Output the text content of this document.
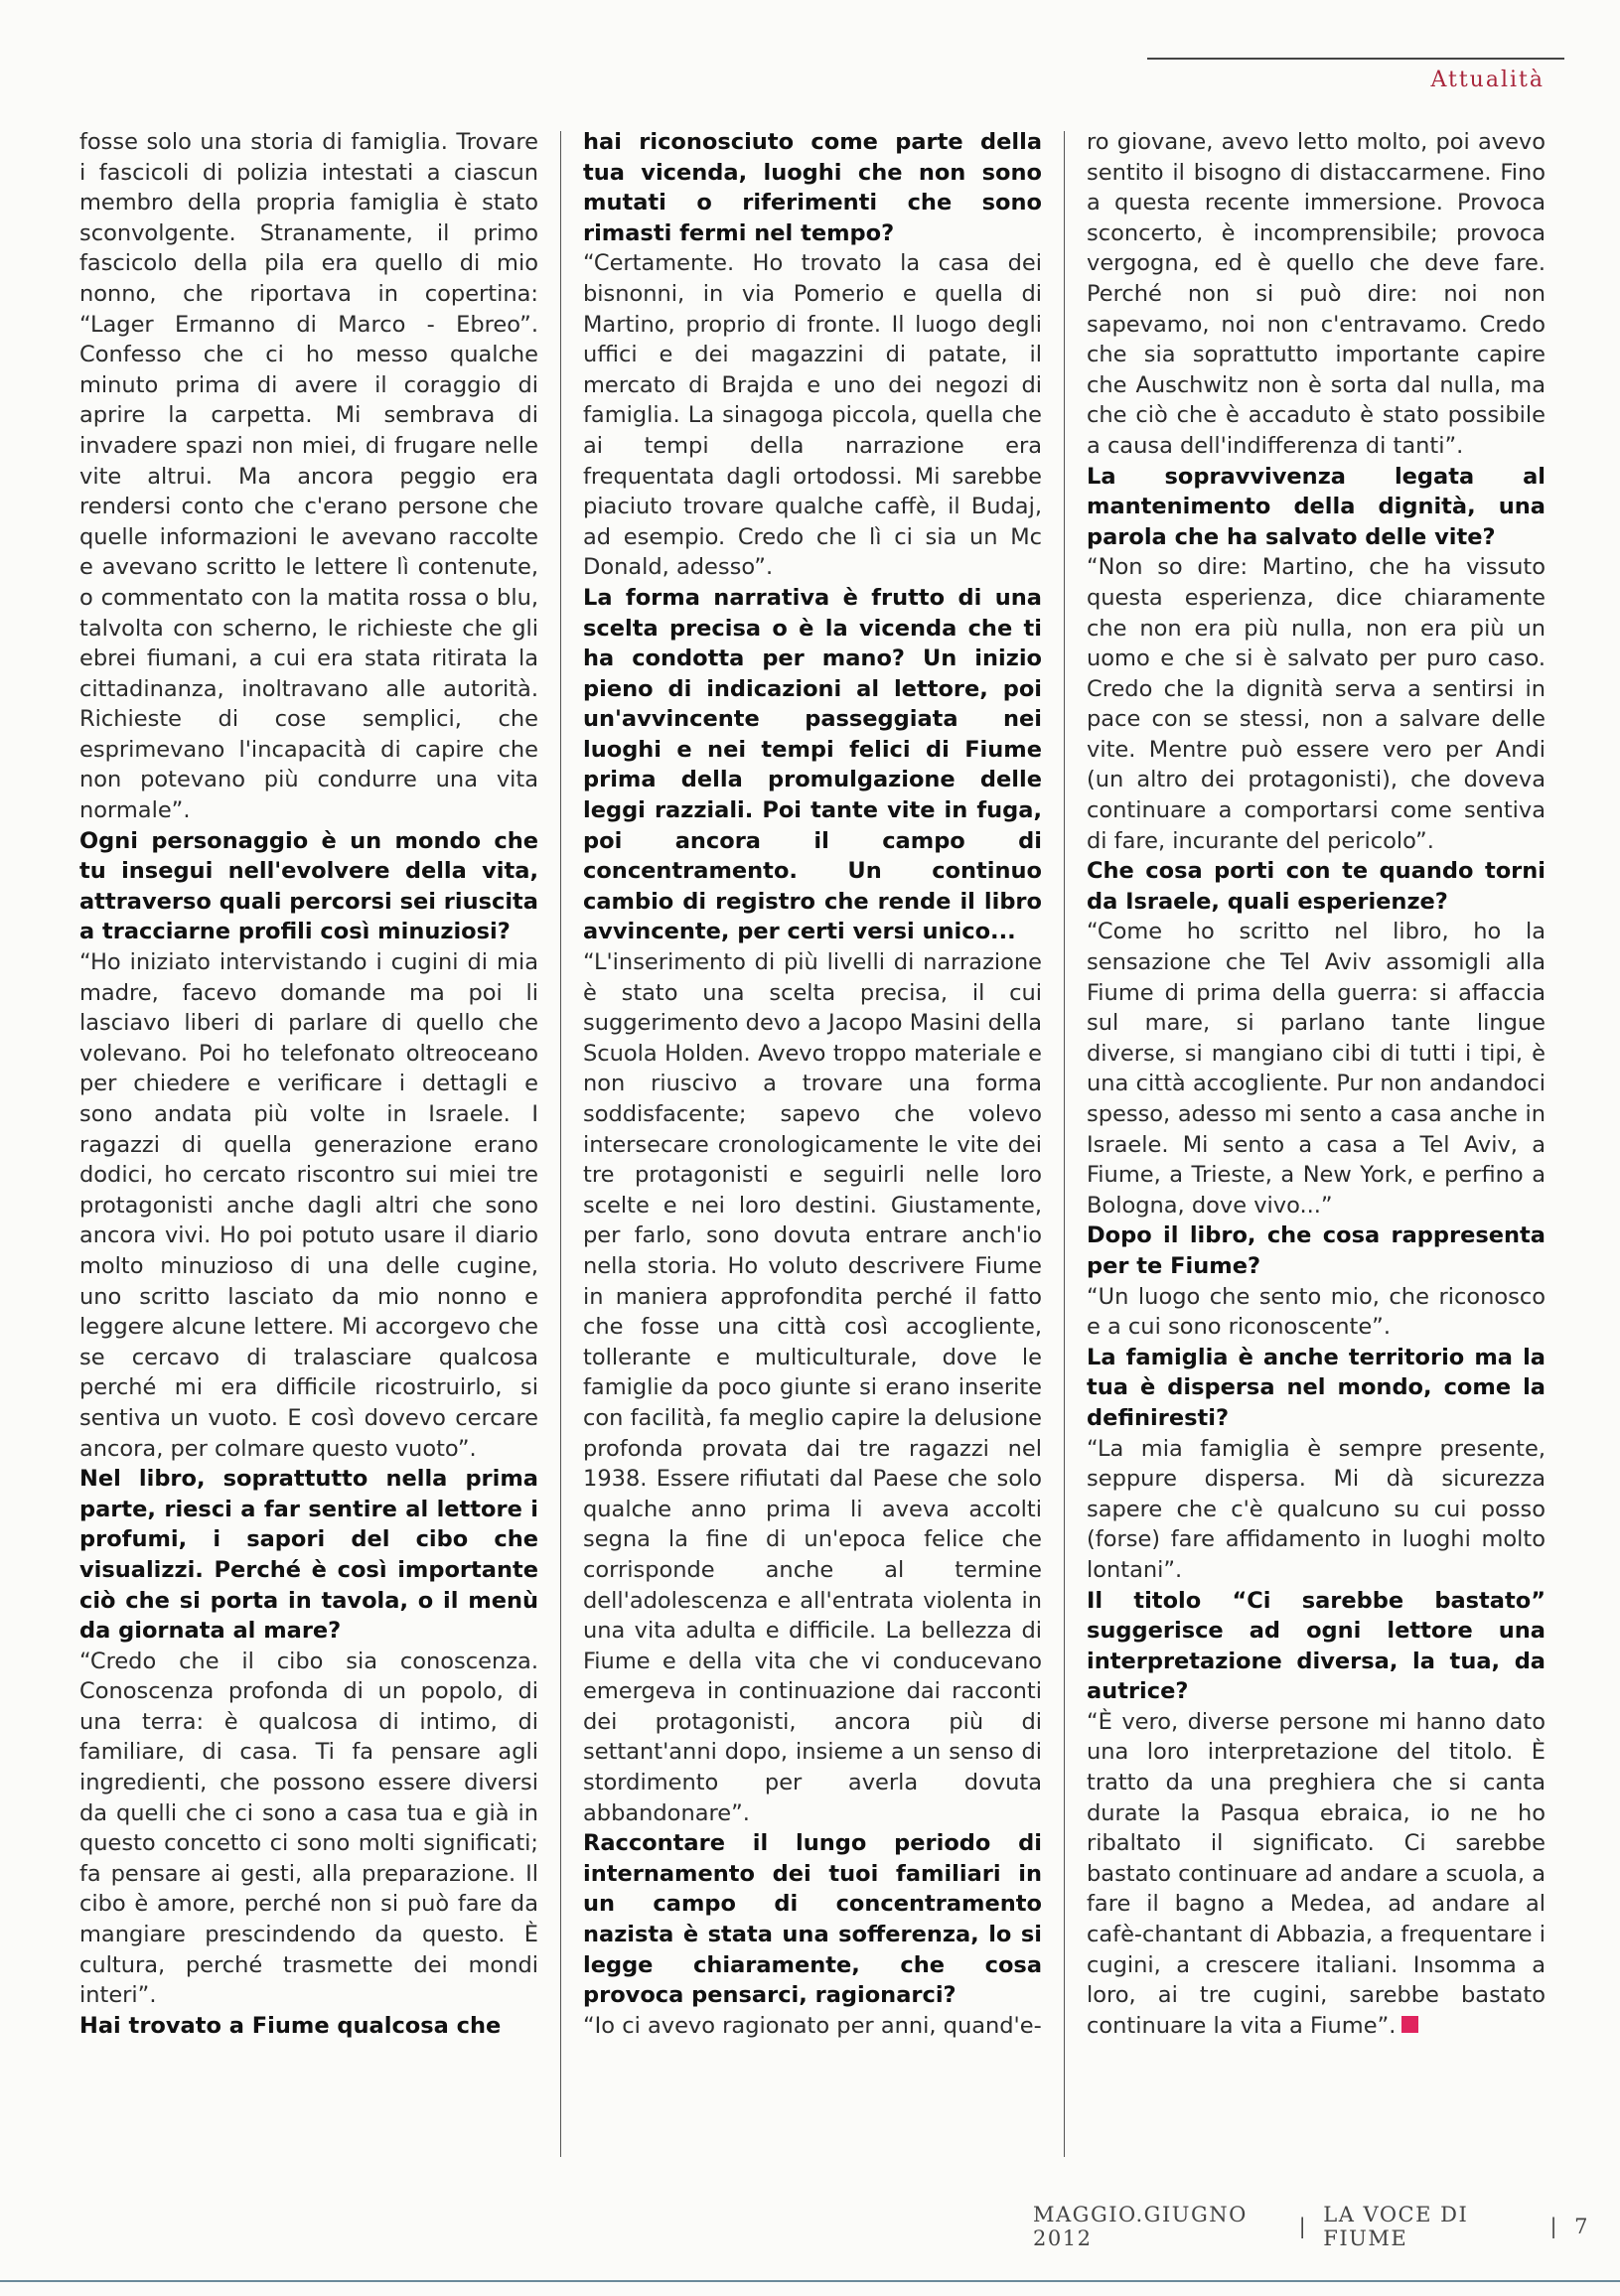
Attualità

fosse solo una storia di famiglia. Trovare i fascicoli di polizia intestati a ciascun membro della propria famiglia è stato sconvolgente. Stranamente, il primo fascicolo della pila era quello di mio nonno, che riportava in copertina: “Lager Ermanno di Marco - Ebreo”. Confesso che ci ho messo qualche minuto prima di avere il coraggio di aprire la carpetta. Mi sembrava di invadere spazi non miei, di frugare nelle vite altrui. Ma ancora peggio era rendersi conto che c'erano persone che quelle informazioni le avevano raccolte e avevano scritto le lettere lì contenute, o commentato con la matita rossa o blu, talvolta con scherno, le richieste che gli ebrei fiumani, a cui era stata ritirata la cittadinanza, inoltravano alle autorità. Richieste di cose semplici, che esprimevano l'incapacità di capire che non potevano più condurre una vita normale”.

Ogni personaggio è un mondo che tu insegui nell'evolvere della vita, attraverso quali percorsi sei riuscita a tracciarne profili così minuziosi?

“Ho iniziato intervistando i cugini di mia madre, facevo domande ma poi li lasciavo liberi di parlare di quello che volevano. Poi ho telefonato oltreoceano per chiedere e verificare i dettagli e sono andata più volte in Israele. I ragazzi di quella generazione erano dodici, ho cercato riscontro sui miei tre protagonisti anche dagli altri che sono ancora vivi. Ho poi potuto usare il diario molto minuzioso di una delle cugine, uno scritto lasciato da mio nonno e leggere alcune lettere. Mi accorgevo che se cercavo di tralasciare qualcosa perché mi era difficile ricostruirlo, si sentiva un vuoto. E così dovevo cercare ancora, per colmare questo vuoto”.

Nel libro, soprattutto nella prima parte, riesci a far sentire al lettore i profumi, i sapori del cibo che visualizzi. Perché è così importante ciò che si porta in tavola, o il menù da giornata al mare?

“Credo che il cibo sia conoscenza. Conoscenza profonda di un popolo, di una terra: è qualcosa di intimo, di familiare, di casa. Ti fa pensare agli ingredienti, che possono essere diversi da quelli che ci sono a casa tua e già in questo concetto ci sono molti significati; fa pensare ai gesti, alla preparazione. Il cibo è amore, perché non si può fare da mangiare prescindendo da questo. È cultura, perché trasmette dei mondi interi”.

Hai trovato a Fiume qualcosa che

hai riconosciuto come parte della tua vicenda, luoghi che non sono mutati o riferimenti che sono rimasti fermi nel tempo?

“Certamente. Ho trovato la casa dei bisnonni, in via Pomerio e quella di Martino, proprio di fronte. Il luogo degli uffici e dei magazzini di patate, il mercato di Brajda e uno dei negozi di famiglia. La sinagoga piccola, quella che ai tempi della narrazione era frequentata dagli ortodossi. Mi sarebbe piaciuto trovare qualche caffè, il Budaj, ad esempio. Credo che lì ci sia un Mc Donald, adesso”.

La forma narrativa è frutto di una scelta precisa o è la vicenda che ti ha condotta per mano? Un inizio pieno di indicazioni al lettore, poi un'avvincente passeggiata nei luoghi e nei tempi felici di Fiume prima della promulgazione delle leggi razziali. Poi tante vite in fuga, poi ancora il campo di concentramento. Un continuo cambio di registro che rende il libro avvincente, per certi versi unico...

“L'inserimento di più livelli di narrazione è stato una scelta precisa, il cui suggerimento devo a Jacopo Masini della Scuola Holden. Avevo troppo materiale e non riuscivo a trovare una forma soddisfacente; sapevo che volevo intersecare cronologicamente le vite dei tre protagonisti e seguirli nelle loro scelte e nei loro destini. Giustamente, per farlo, sono dovuta entrare anch'io nella storia. Ho voluto descrivere Fiume in maniera approfondita perché il fatto che fosse una città così accogliente, tollerante e multiculturale, dove le famiglie da poco giunte si erano inserite con facilità, fa meglio capire la delusione profonda provata dai tre ragazzi nel 1938. Essere rifiutati dal Paese che solo qualche anno prima li aveva accolti segna la fine di un'epoca felice che corrisponde anche al termine dell'adolescenza e all'entrata violenta in una vita adulta e difficile. La bellezza di Fiume e della vita che vi conducevano emergeva in continuazione dai racconti dei protagonisti, ancora più di settant'anni dopo, insieme a un senso di stordimento per averla dovuta abbandonare”.

Raccontare il lungo periodo di internamento dei tuoi familiari in un campo di concentramento nazista è stata una sofferenza, lo si legge chiaramente, che cosa provoca pensarci, ragionarci?

“Io ci avevo ragionato per anni, quand'e-

ro giovane, avevo letto molto, poi avevo sentito il bisogno di distaccarmene. Fino a questa recente immersione. Provoca sconcerto, è incomprensibile; provoca vergogna, ed è quello che deve fare. Perché non si può dire: noi non sapevamo, noi non c'entravamo. Credo che sia soprattutto importante capire che Auschwitz non è sorta dal nulla, ma che ciò che è accaduto è stato possibile a causa dell'indifferenza di tanti”.

La sopravvivenza legata al mantenimento della dignità, una parola che ha salvato delle vite?

“Non so dire: Martino, che ha vissuto questa esperienza, dice chiaramente che non era più nulla, non era più un uomo e che si è salvato per puro caso. Credo che la dignità serva a sentirsi in pace con se stessi, non a salvare delle vite. Mentre può essere vero per Andi (un altro dei protagonisti), che doveva continuare a comportarsi come sentiva di fare, incurante del pericolo”.

Che cosa porti con te quando torni da Israele, quali esperienze?

“Come ho scritto nel libro, ho la sensazione che Tel Aviv assomigli alla Fiume di prima della guerra: si affaccia sul mare, si parlano tante lingue diverse, si mangiano cibi di tutti i tipi, è una città accogliente. Pur non andandoci spesso, adesso mi sento a casa anche in Israele. Mi sento a casa a Tel Aviv, a Fiume, a Trieste, a New York, e perfino a Bologna, dove vivo...”

Dopo il libro, che cosa rappresenta per te Fiume?

“Un luogo che sento mio, che riconosco e a cui sono riconoscente”.

La famiglia è anche territorio ma la tua è dispersa nel mondo, come la definiresti?

“La mia famiglia è sempre presente, seppure dispersa. Mi dà sicurezza sapere che c'è qualcuno su cui posso (forse) fare affidamento in luoghi molto lontani”.

Il titolo “Ci sarebbe bastato” suggerisce ad ogni lettore una interpretazione diversa, la tua, da autrice?

“È vero, diverse persone mi hanno dato una loro interpretazione del titolo. È tratto da una preghiera che si canta durate la Pasqua ebraica, io ne ho ribaltato il significato. Ci sarebbe bastato continuare ad andare a scuola, a fare il bagno a Medea, ad andare al cafè-chantant di Abbazia, a frequentare i cugini, a crescere italiani. Insomma a loro, ai tre cugini, sarebbe bastato continuare la vita a Fiume”.

MAGGIO.GIUGNO 2012	| LA VOCE DI FIUME	| 7
